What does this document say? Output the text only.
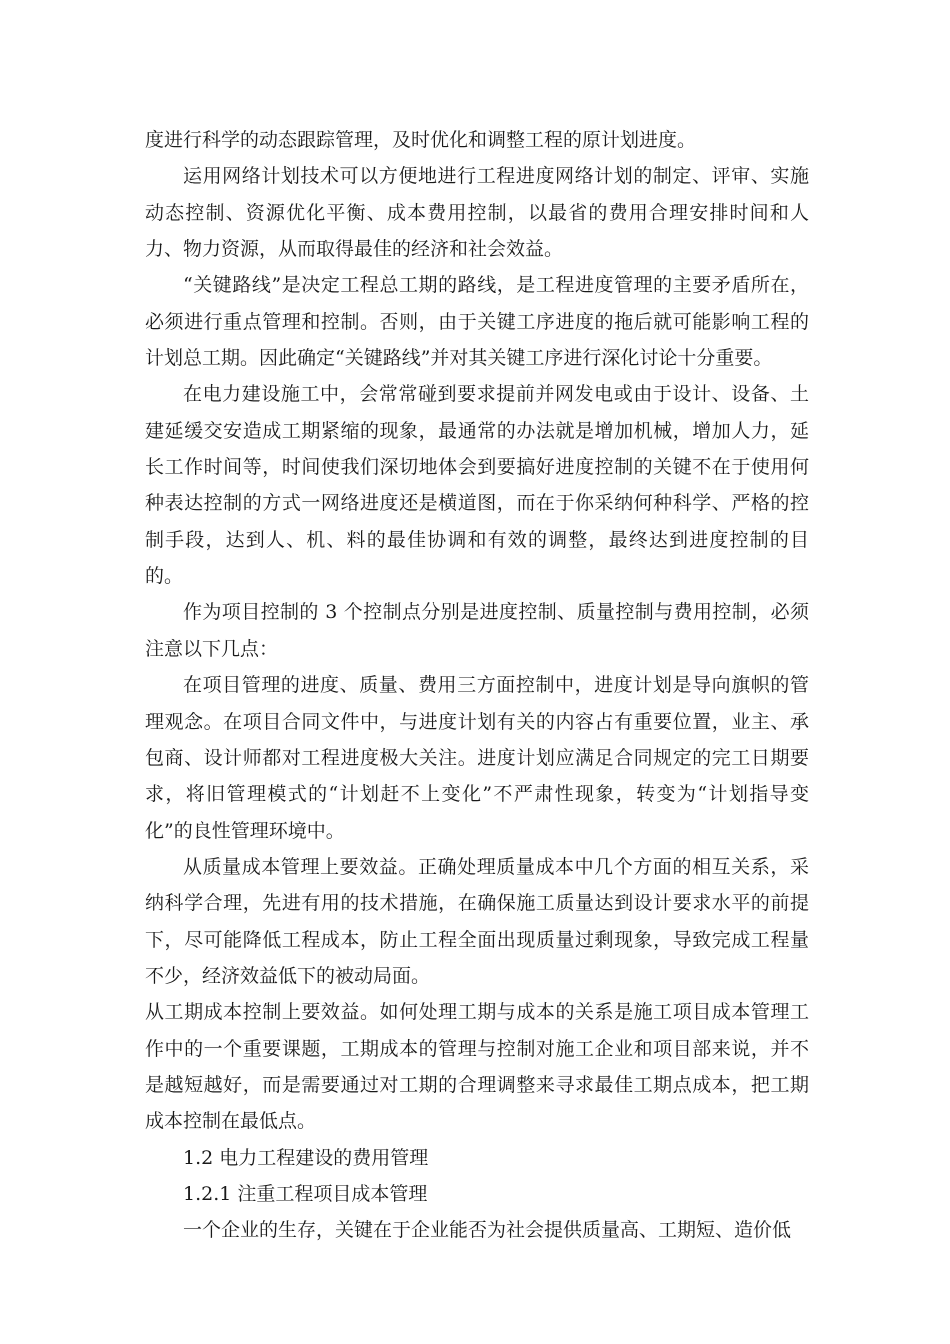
度进行科学的动态跟踪管理，及时优化和调整工程的原计划进度。

运用网络计划技术可以方便地进行工程进度网络计划的制定、评审、实施动态控制、资源优化平衡、成本费用控制，以最省的费用合理安排时间和人力、物力资源，从而取得最佳的经济和社会效益。

“关键路线”是决定工程总工期的路线，是工程进度管理的主要矛盾所在，必须进行重点管理和控制。否则，由于关键工序进度的拖后就可能影响工程的计划总工期。因此确定“关键路线”并对其关键工序进行深化讨论十分重要。

在电力建设施工中，会常常碰到要求提前并网发电或由于设计、设备、土建延缓交安造成工期紧缩的现象，最通常的办法就是增加机械，增加人力，延长工作时间等，时间使我们深切地体会到要搞好进度控制的关键不在于使用何种表达控制的方式一网络进度还是横道图，而在于你采纳何种科学、严格的控制手段，达到人、机、料的最佳协调和有效的调整，最终达到进度控制的目的。

作为项目控制的 3 个控制点分别是进度控制、质量控制与费用控制，必须注意以下几点：

在项目管理的进度、质量、费用三方面控制中，进度计划是导向旗帜的管理观念。在项目合同文件中，与进度计划有关的内容占有重要位置，业主、承包商、设计师都对工程进度极大关注。进度计划应满足合同规定的完工日期要求，将旧管理模式的“计划赶不上变化”不严肃性现象，转变为“计划指导变化”的良性管理环境中。

从质量成本管理上要效益。正确处理质量成本中几个方面的相互关系，采纳科学合理，先进有用的技术措施，在确保施工质量达到设计要求水平的前提下，尽可能降低工程成本，防止工程全面出现质量过剩现象，导致完成工程量不少，经济效益低下的被动局面。

从工期成本控制上要效益。如何处理工期与成本的关系是施工项目成本管理工作中的一个重要课题，工期成本的管理与控制对施工企业和项目部来说，并不是越短越好，而是需要通过对工期的合理调整来寻求最佳工期点成本，把工期成本控制在最低点。

1.2 电力工程建设的费用管理

1.2.1 注重工程项目成本管理

一个企业的生存，关键在于企业能否为社会提供质量高、工期短、造价低
